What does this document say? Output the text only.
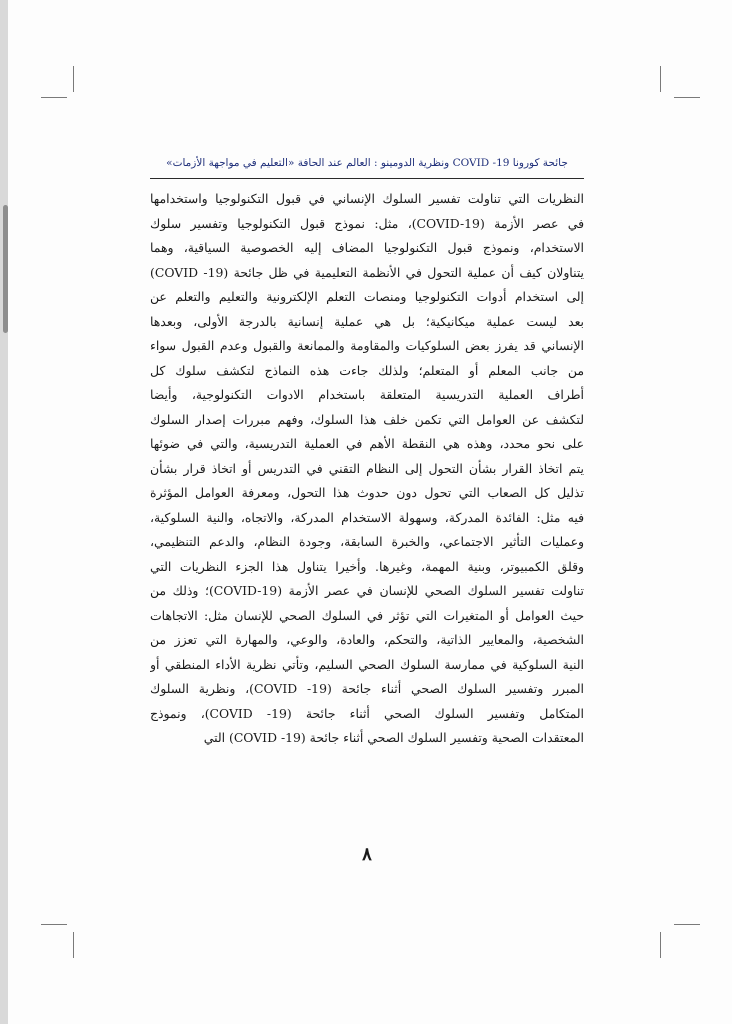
جائحة كورونا COVID -19 ونظرية الدومينو : العالم عند الحافة «التعليم في مواجهة الأزمات»
النظريات التي تناولت تفسير السلوك الإنساني في قبول التكنولوجيا واستخدامها
في عصر الأزمة (COVID-19)، مثل: نموذج قبول التكنولوجيا وتفسير سلوك
الاستخدام، ونموذج قبول التكنولوجيا المضاف إليه الخصوصية السياقية، وهما
يتناولان كيف أن عملية التحول في الأنظمة التعليمية في ظل جائحة (COVID -19)
إلى استخدام أدوات التكنولوجيا ومنصات التعلم الإلكترونية والتعليم والتعلم عن
بعد ليست عملية ميكانيكية؛ بل هي عملية إنسانية بالدرجة الأولى، وبعدها
الإنساني قد يفرز بعض السلوكيات والمقاومة والممانعة والقبول وعدم القبول سواء
من جانب المعلم أو المتعلم؛ ولذلك جاءت هذه النماذج لتكشف سلوك كل
أطراف العملية التدريسية المتعلقة باستخدام الادوات التكنولوجية، وأيضا
لتكشف عن العوامل التي تكمن خلف هذا السلوك، وفهم مبررات إصدار السلوك
على نحو محدد، وهذه هي النقطة الأهم في العملية التدريسية، والتي في ضوئها
يتم اتخاذ القرار بشأن التحول إلى النظام التقني في التدريس أو اتخاذ قرار بشأن
تذليل كل الصعاب التي تحول دون حدوث هذا التحول، ومعرفة العوامل المؤثرة
فيه مثل: الفائدة المدركة، وسهولة الاستخدام المدركة، والاتجاه، والنية السلوكية،
وعمليات التأثير الاجتماعي، والخبرة السابقة، وجودة النظام، والدعم التنظيمي،
وقلق الكمبيوتر، وبنية المهمة، وغيرها. وأخيرا يتناول هذا الجزء النظريات التي
تناولت تفسير السلوك الصحي للإنسان في عصر الأزمة (COVID-19)؛ وذلك من
حيث العوامل أو المتغيرات التي تؤثر في السلوك الصحي للإنسان مثل: الاتجاهات
الشخصية، والمعايير الذاتية، والتحكم، والعادة، والوعي، والمهارة التي تعزز من
النية السلوكية في ممارسة السلوك الصحي السليم، وتأتي نظرية الأداء المنطقي أو
المبرر وتفسير السلوك الصحي أثناء جائحة (COVID -19)، ونظرية السلوك
المتكامل وتفسير السلوك الصحي أثناء جائحة (COVID -19)، ونموذج
المعتقدات الصحية وتفسير السلوك الصحي أثناء جائحة (COVID -19) التي
٨
